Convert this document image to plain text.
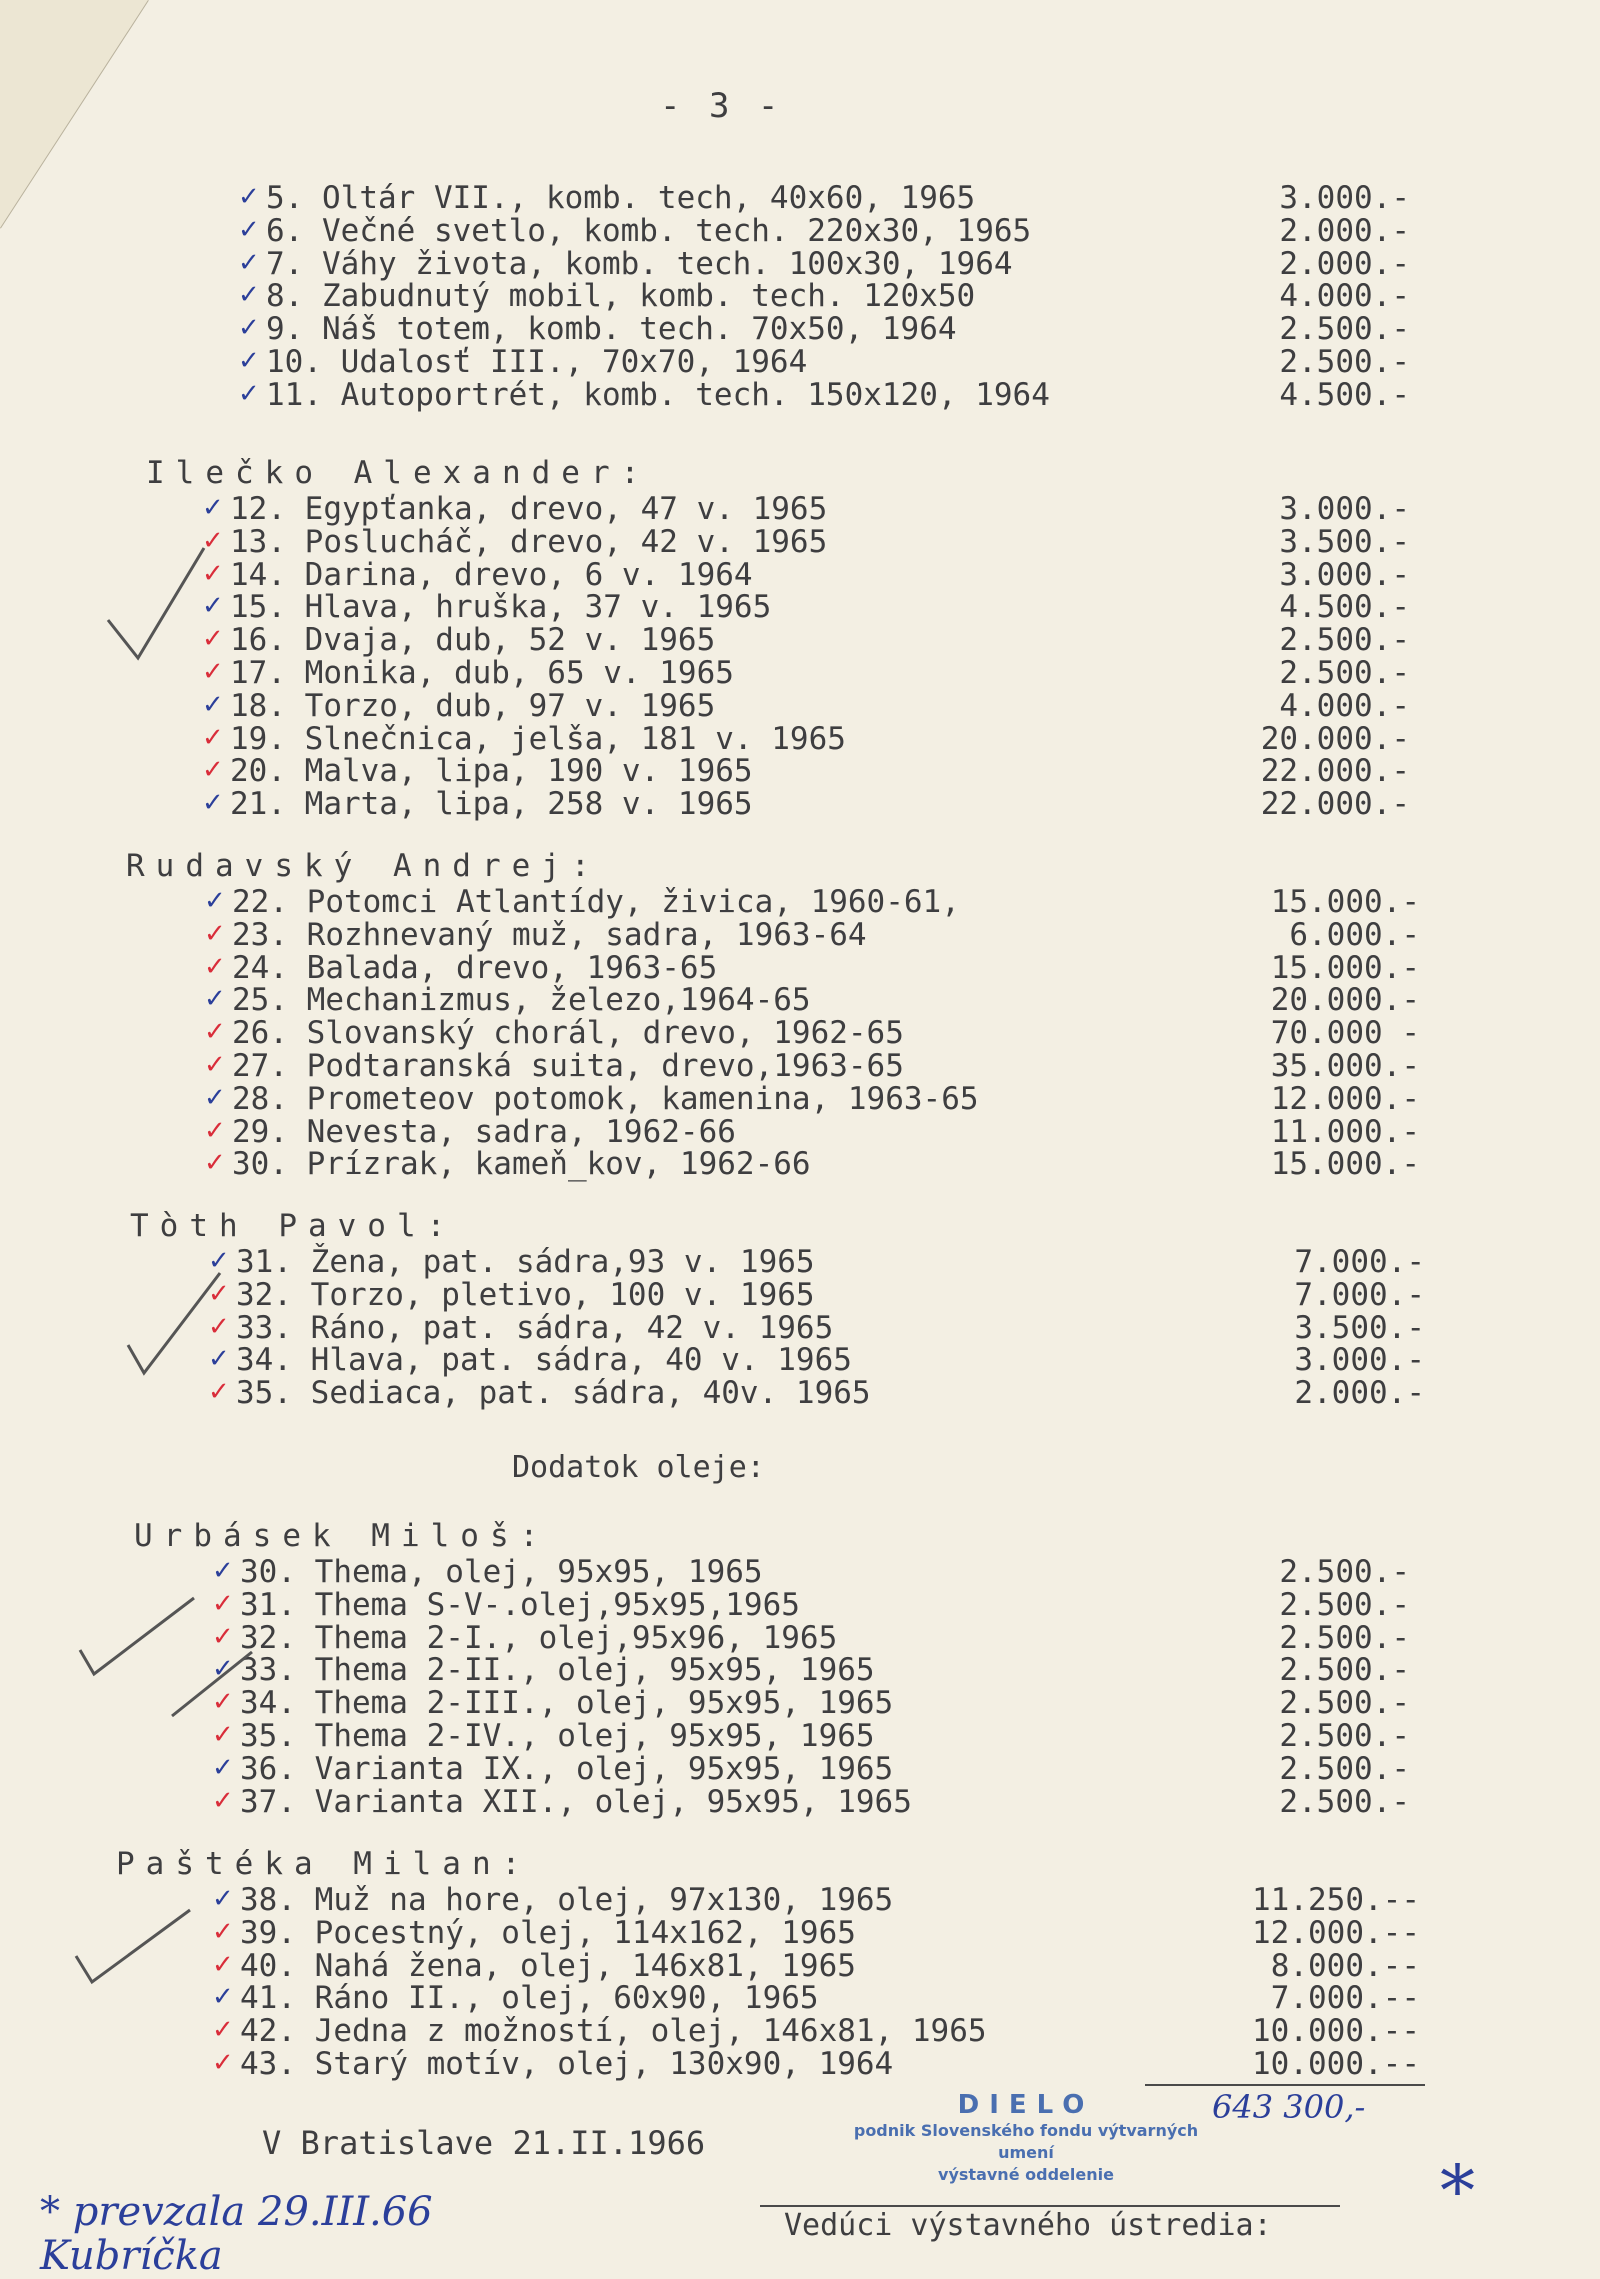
- 3 -
✓ 5. Oltár VII., komb. tech, 40x60, 1965	3.000.-
✓ 6. Večné svetlo, komb. tech. 220x30, 1965	2.000.-
✓ 7. Váhy života, komb. tech. 100x30, 1964	2.000.-
✓ 8. Zabudnutý mobil, komb. tech. 120x50	4.000.-
✓ 9. Náš totem, komb. tech. 70x50, 1964	2.500.-
✓ 10. Udalosť III., 70x70, 1964	2.500.-
✓ 11. Autoportrét, komb. tech. 150x120, 1964	4.500.-
Ilečko Alexander:
✓ 12. Egypťanka, drevo, 47 v. 1965	3.000.-
✓ 13. Poslucháč, drevo, 42 v. 1965	3.500.-
✓ 14. Darina, drevo, 6 v. 1964	3.000.-
✓ 15. Hlava, hruška, 37 v. 1965	4.500.-
✓ 16. Dvaja, dub, 52 v. 1965	2.500.-
✓ 17. Monika, dub, 65 v. 1965	2.500.-
✓ 18. Torzo, dub, 97 v. 1965	4.000.-
✓ 19. Slnečnica, jelša, 181 v. 1965	20.000.-
✓ 20. Malva, lipa, 190 v. 1965	22.000.-
✓ 21. Marta, lipa, 258 v. 1965	22.000.-
Rudavský Andrej:
✓ 22. Potomci Atlantídy, živica, 1960-61,	15.000.-
✓ 23. Rozhnevaný muž, sadra, 1963-64	6.000.-
✓ 24. Balada, drevo, 1963-65	15.000.-
✓ 25. Mechanizmus, železo,1964-65	20.000.-
✓ 26. Slovanský chorál, drevo, 1962-65	70.000 -
✓ 27. Podtaranská suita, drevo,1963-65	35.000.-
✓ 28. Prometeov potomok, kamenina, 1963-65	12.000.-
✓ 29. Nevesta, sadra, 1962-66	11.000.-
✓ 30. Prízrak, kameň_kov, 1962-66	15.000.-
Tòth Pavol:
✓ 31. Žena, pat. sádra,93 v. 1965	7.000.-
✓ 32. Torzo, pletivo, 100 v. 1965	7.000.-
✓ 33. Ráno, pat. sádra, 42 v. 1965	3.500.-
✓ 34. Hlava, pat. sádra, 40 v. 1965	3.000.-
✓ 35. Sediaca, pat. sádra, 40v. 1965	2.000.-
Urbásek Miloš:
✓ 30. Thema, olej, 95x95, 1965	2.500.-
✓ 31. Thema S-V-.olej,95x95,1965	2.500.-
✓ 32. Thema 2-I., olej,95x96, 1965	2.500.-
✓ 33. Thema 2-II., olej, 95x95, 1965	2.500.-
✓ 34. Thema 2-III., olej, 95x95, 1965	2.500.-
✓ 35. Thema 2-IV., olej, 95x95, 1965	2.500.-
✓ 36. Varianta IX., olej, 95x95, 1965	2.500.-
✓ 37. Varianta XII., olej, 95x95, 1965	2.500.-
Paštéka Milan:
✓ 38. Muž na hore, olej, 97x130, 1965	11.250.--
✓ 39. Pocestný, olej, 114x162, 1965	12.000.--
✓ 40. Nahá žena, olej, 146x81, 1965	8.000.--
✓ 41. Ráno II., olej, 60x90, 1965	7.000.--
✓ 42. Jedna z možností, olej, 146x81, 1965	10.000.--
✓ 43. Starý motív, olej, 130x90, 1964	10.000.--
Dodatok oleje:
643 300,-
V Bratislave 21.II.1966
DIELO
podnik Slovenského fondu výtvarných
umení
výstavné oddelenie
Vedúci výstavného ústredia:
* prevzala 29.III.66 Kubríčka
*
